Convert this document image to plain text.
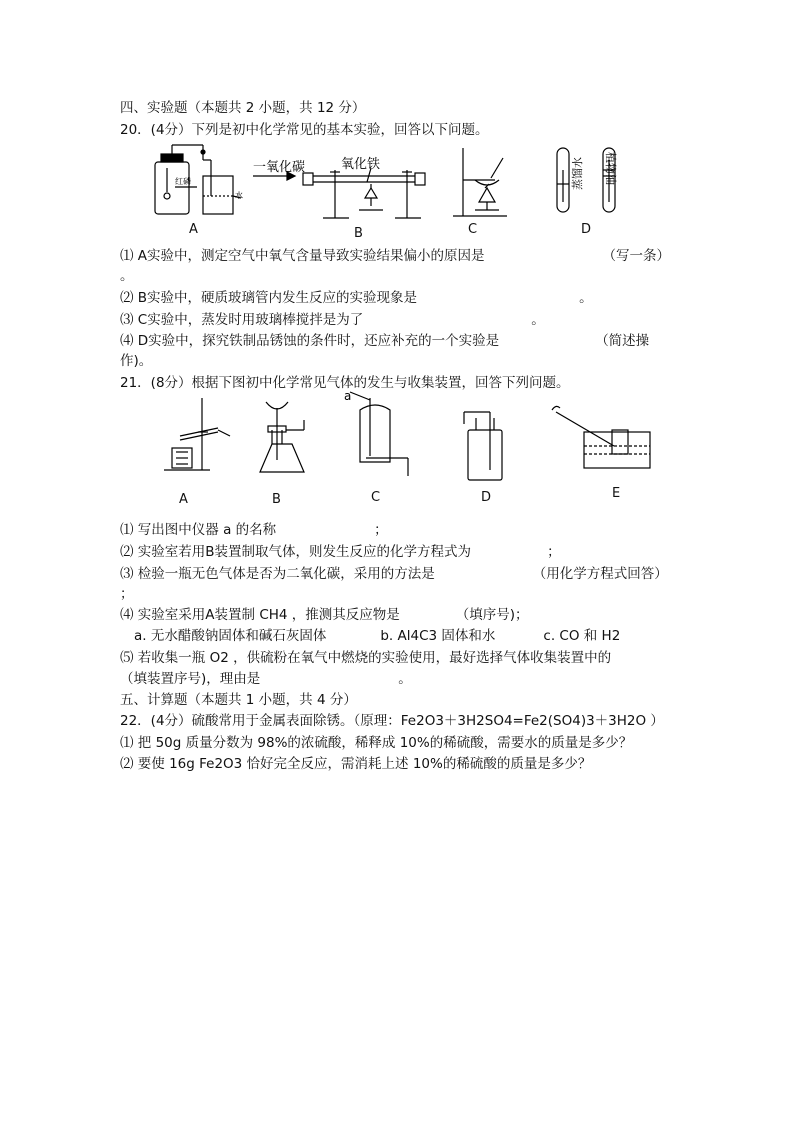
四、实验题（本题共 2 小题，共 12 分）
20．(4分）下列是初中化学常见的基本实验，回答以下问题。
红磷
水
一氧化碳	氧化铁	蒸馏水 植物油
A	B	C	D
⑴ A实验中，测定空气中氧气含量导致实验结果偏小的原因是	（写一条）
。
⑵ B实验中，硬质玻璃管内发生反应的实验现象是	。
⑶ C实验中，蒸发时用玻璃棒搅拌是为了	。
⑷ D实验中，探究铁制品锈蚀的条件时，还应补充的一个实验是	（简述操
作)。
21．(8分）根据下图初中化学常见气体的发生与收集装置，回答下列问题。
a
A	B	C	D	E
⑴ 写出图中仪器 a 的名称	；
⑵ 实验室若用B装置制取气体，则发生反应的化学方程式为	；
⑶ 检验一瓶无色气体是否为二氧化碳，采用的方法是	（用化学方程式回答）
；
⑷ 实验室采用A装置制 CH4 ，推测其反应物是	（填序号)；
a. 无水醋酸钠固体和碱石灰固体	b. Al4C3 固体和水	c. CO 和 H2
⑸ 若收集一瓶 O2 ，供硫粉在氧气中燃烧的实验使用，最好选择气体收集装置中的
（填装置序号)，理由是	。
五、计算题（本题共 1 小题，共 4 分）
22．(4分）硫酸常用于金属表面除锈。（原理：Fe2O3＋3H2SO4=Fe2(SO4)3＋3H2O ）
⑴ 把 50g 质量分数为 98%的浓硫酸，稀释成 10%的稀硫酸，需要水的质量是多少？
⑵ 要使 16g Fe2O3 恰好完全反应，需消耗上述 10%的稀硫酸的质量是多少？
